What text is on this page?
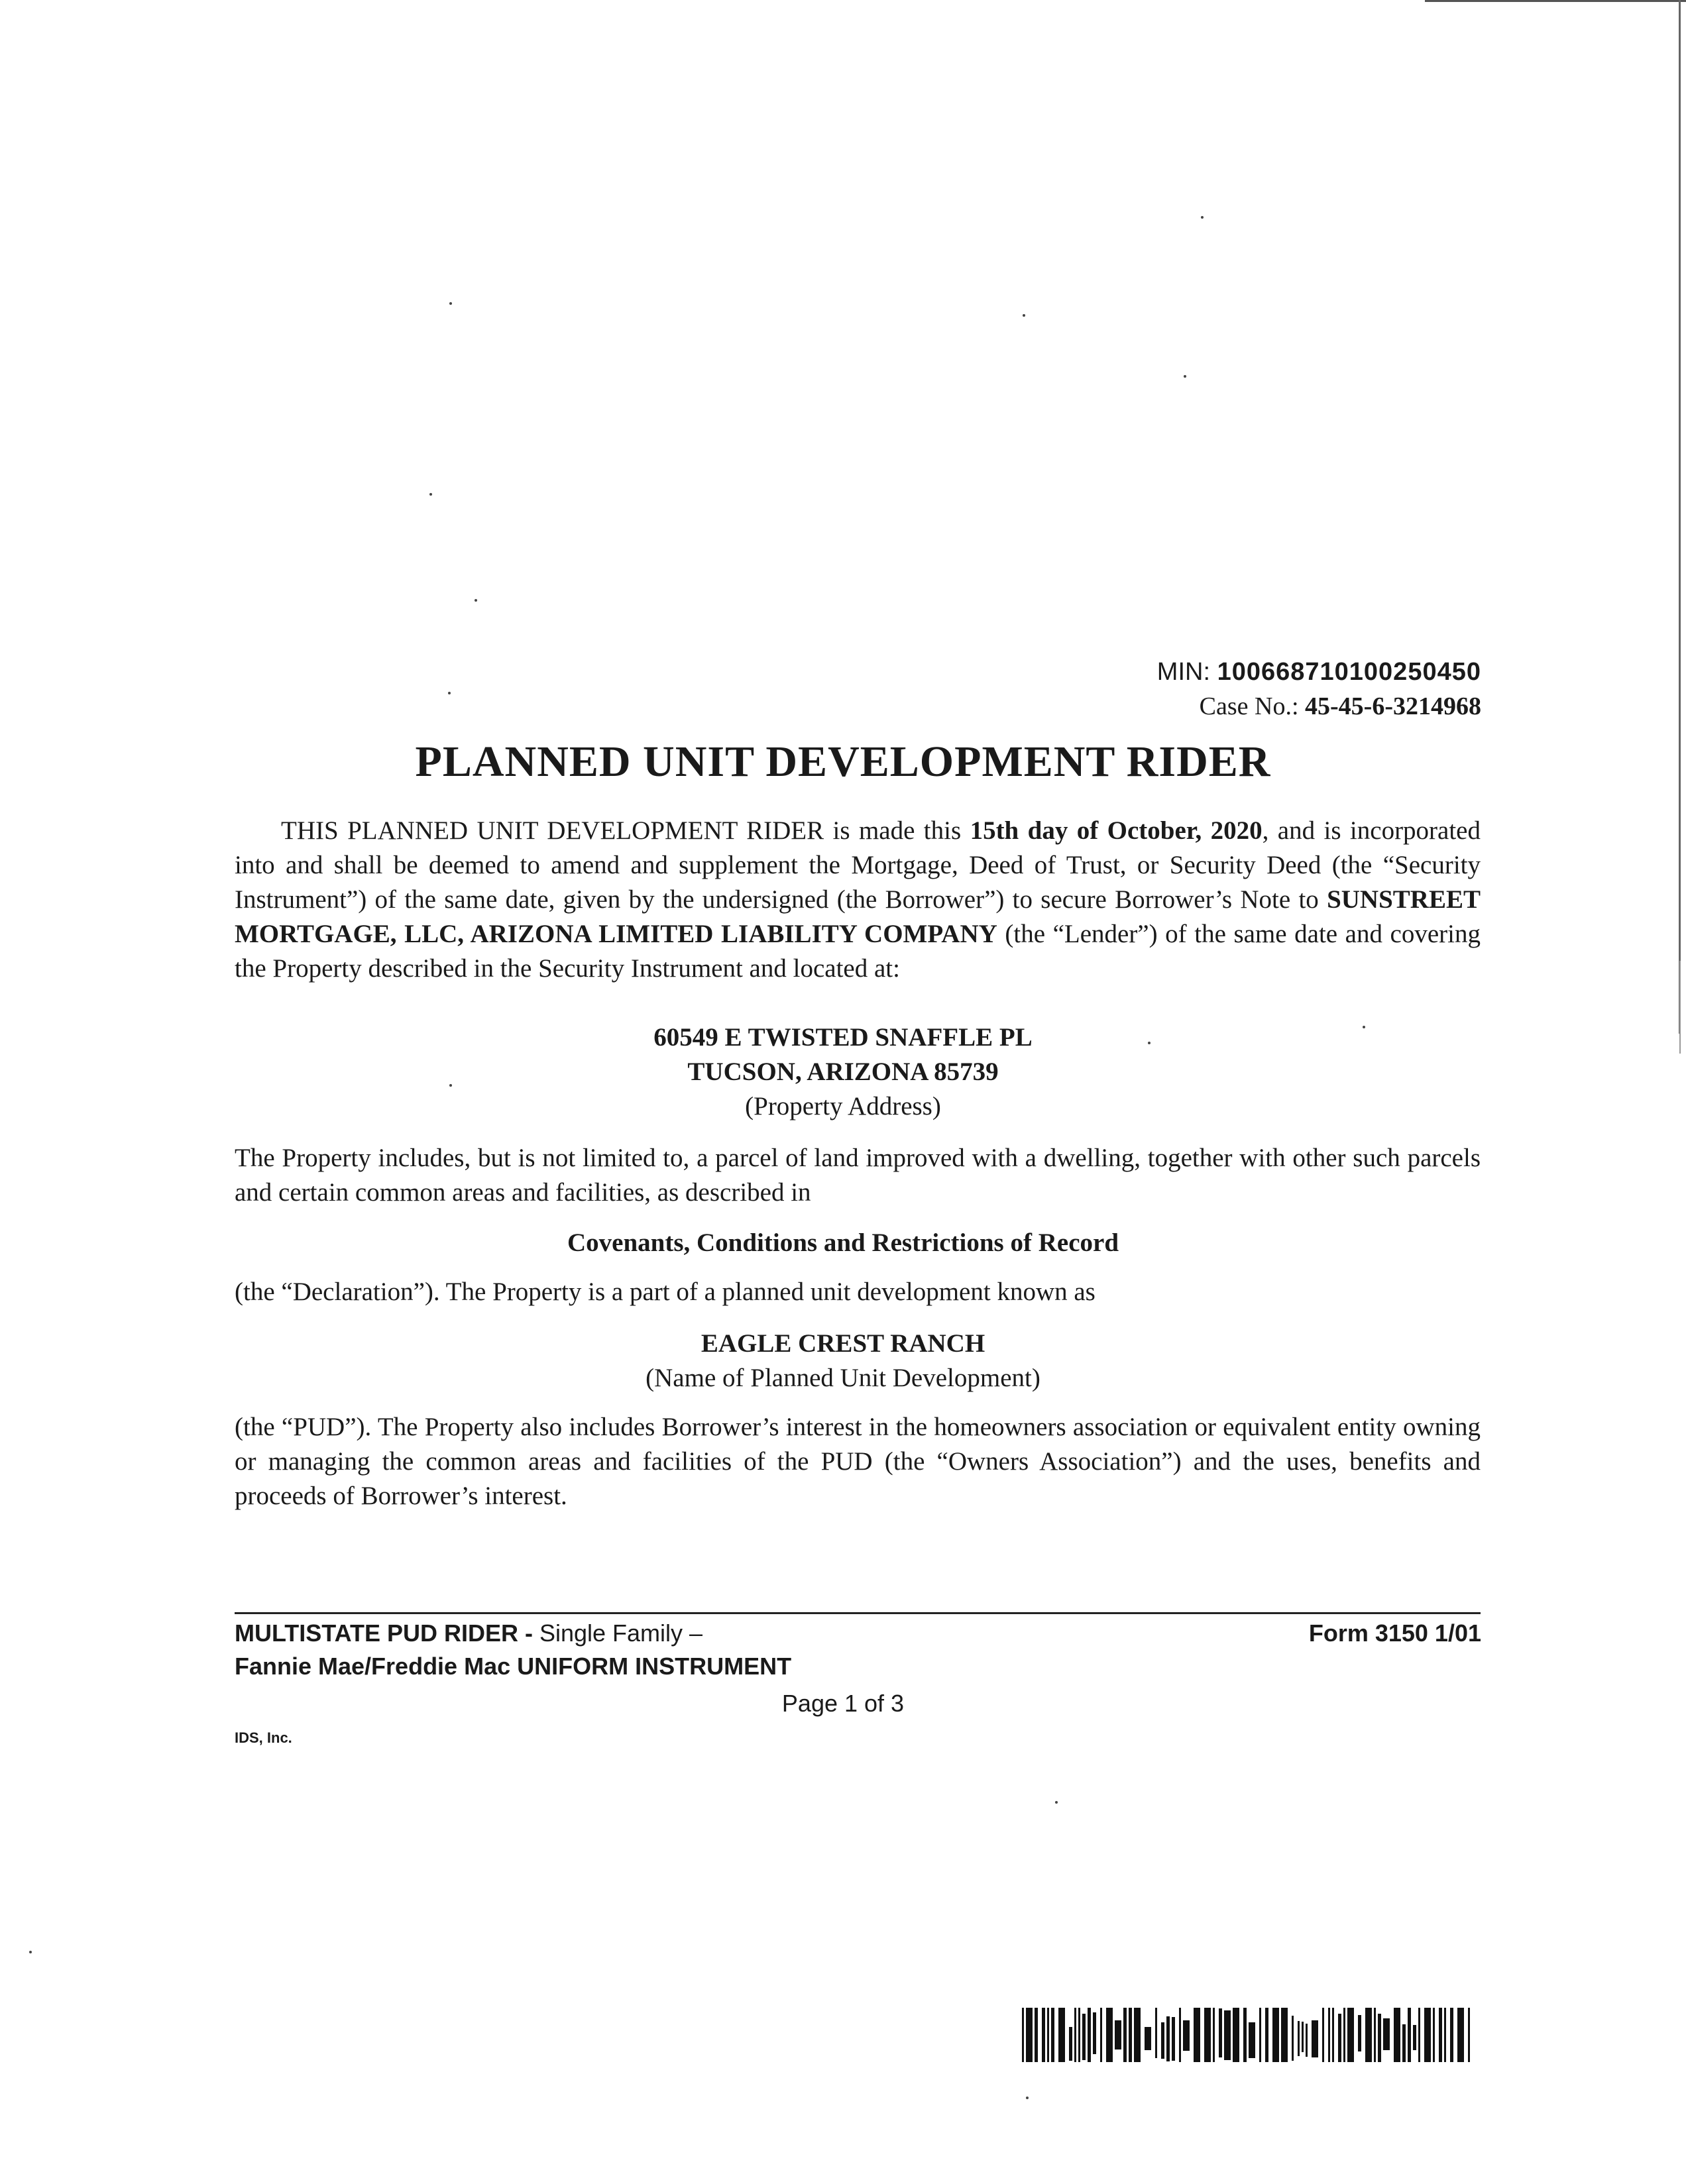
MIN: 100668710100250450
Case No.: 45-45-6-3214968
PLANNED UNIT DEVELOPMENT RIDER
THIS PLANNED UNIT DEVELOPMENT RIDER is made this 15th day of October, 2020, and is incorporated into and shall be deemed to amend and supplement the Mortgage, Deed of Trust, or Security Deed (the “Security Instrument”) of the same date, given by the undersigned (the Borrower”) to secure Borrower’s Note to SUNSTREET MORTGAGE, LLC, ARIZONA LIMITED LIABILITY COMPANY (the “Lender”) of the same date and covering the Property described in the Security Instrument and located at:
60549 E TWISTED SNAFFLE PL
TUCSON, ARIZONA 85739
(Property Address)
The Property includes, but is not limited to, a parcel of land improved with a dwelling, together with other such parcels and certain common areas and facilities, as described in
Covenants, Conditions and Restrictions of Record
(the “Declaration”). The Property is a part of a planned unit development known as
EAGLE CREST RANCH
(Name of Planned Unit Development)
(the “PUD”). The Property also includes Borrower’s interest in the homeowners association or equivalent entity owning or managing the common areas and facilities of the PUD (the “Owners Association”) and the uses, benefits and proceeds of Borrower’s interest.
MULTISTATE PUD RIDER - Single Family –
Fannie Mae/Freddie Mac UNIFORM INSTRUMENT
Form 3150 1/01
Page 1 of 3
IDS, Inc.
